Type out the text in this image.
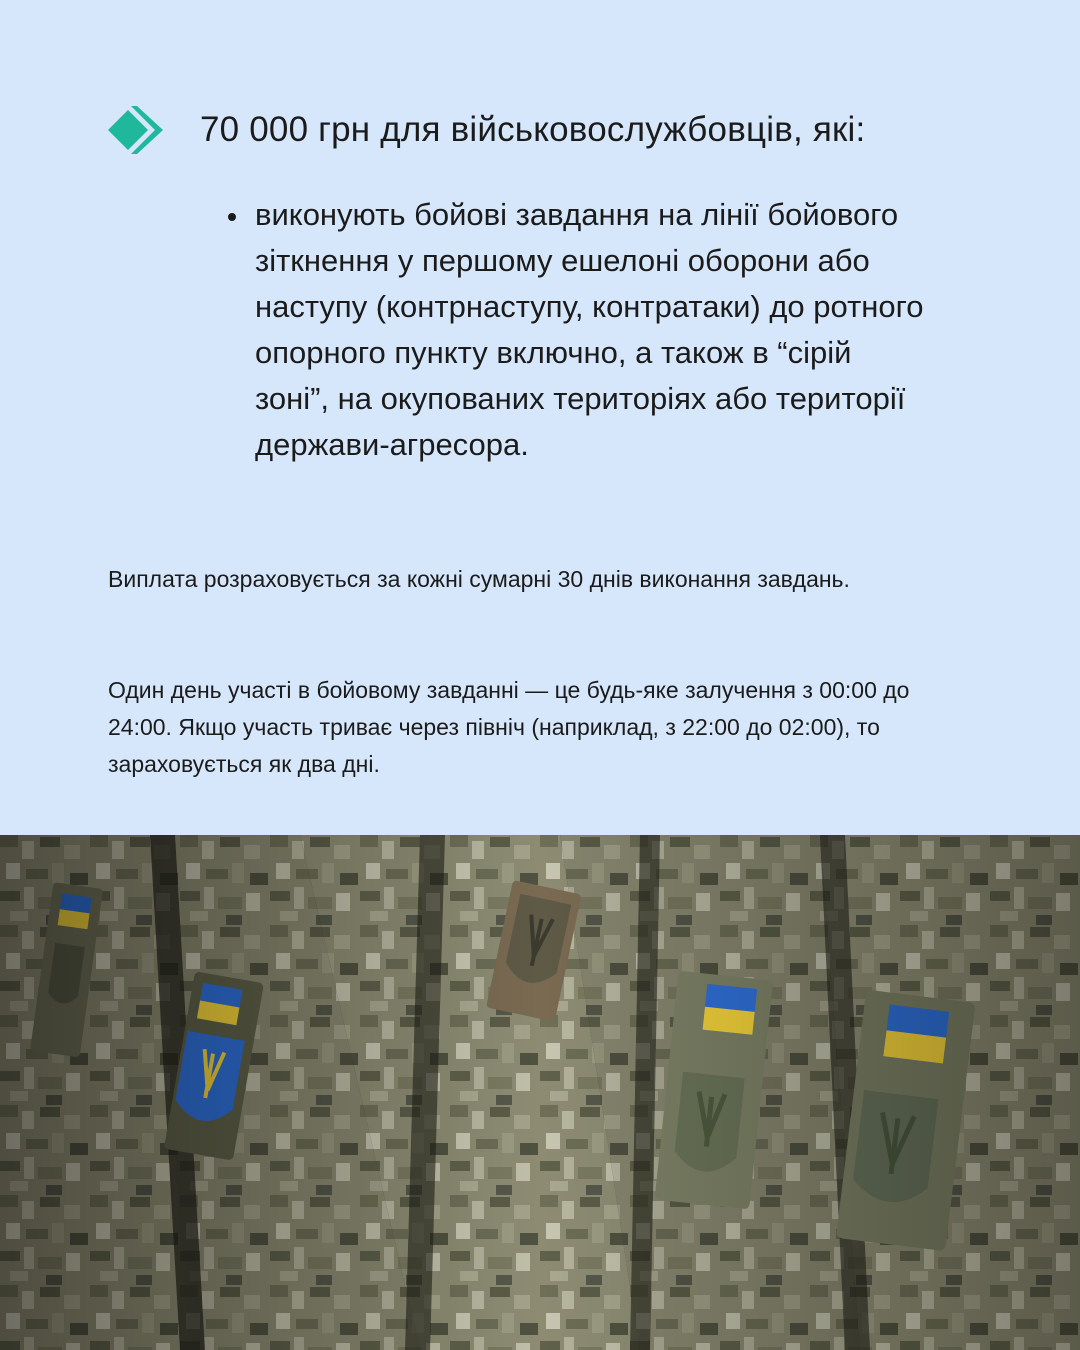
70 000 грн для військовослужбовців, які:
виконують бойові завдання на лінії бойового зіткнення у першому ешелоні оборони або наступу (контрнаступу, контратаки) до ротного опорного пункту включно, а також в “сірій зоні”, на окупованих територіях або території держави-агресора.
Виплата розраховується за кожні сумарні 30 днів виконання завдань.
Один день участі в бойовому завданні — це будь-яке залучення з 00:00 до 24:00. Якщо участь триває через північ (наприклад, з 22:00 до 02:00), то зараховується як два дні.
